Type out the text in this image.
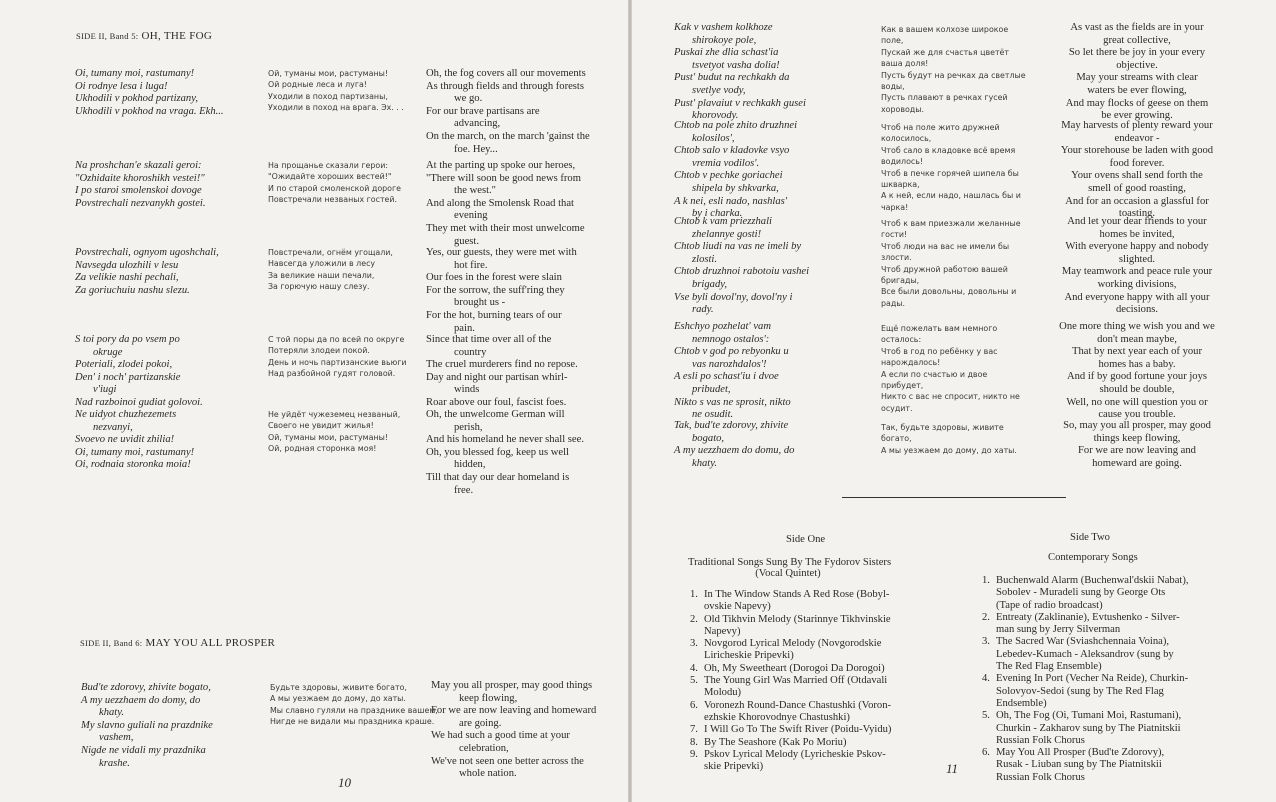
SIDE II, Band 5: OH, THE FOG
Oi, tumany moi, rastumany!
Oi rodnye lesa i luga!
Ukhodili v pokhod partizany,
Ukhodili v pokhod na vraga. Ekh...
Ой, туманы мои, растуманы!
Ой родные леса и луга!
Уходили в поход партизаны,
Уходили в поход на врага. Эх. . .
Oh, the fog covers all our movements
As through fields and through forests
we go.
For our brave partisans are
advancing,
On the march, on the march 'gainst the
foe. Hey...
Na proshchan'e skazali geroi:
"Ozhidaite khoroshikh vestei!"
I po staroi smolenskoi dovoge
Povstrechali nezvanykh gostei.
На прощанье сказали герои:
"Ожидайте хороших вестей!"
И по старой смоленской дороге
Повстречали незваных гостей.
At the parting up spoke our heroes,
"There will soon be good news from
the west."
And along the Smolensk Road that
evening
They met with their most unwelcome
guest.
Povstrechali, ognyom ugoshchali,
Navsegda ulozhili v lesu
Za velikie nashi pechali,
Za goriuchuiu nashu slezu.
Повстречали, огнём угощали,
Навсегда уложили в лесу
За великие наши печали,
За горючую нашу слезу.
Yes, our guests, they were met with
hot fire.
Our foes in the forest were slain
For the sorrow, the suff'ring they
brought us -
For the hot, burning tears of our
pain.
S toi pory da po vsem po
okruge
Poteriali, zlodei pokoi,
Den' i noch' partizanskie
v'iugi
Nad razboinoi gudiat golovoi.
С той поры да по всей по округе
Потеряли злодеи покой.
День и ночь партизанские вьюги
Над разбойной гудят головой.
Since that time over all of the
country
The cruel murderers find no repose.
Day and night our partisan whirl-
winds
Roar above our foul, fascist foes.
Ne uidyot chuzhezemets
nezvanyi,
Svoevo ne uvidit zhilia!
Oi, tumany moi, rastumany!
Oi, rodnaia storonka moia!
Не уйдёт чужеземец незваный,
Своего не увидит жилья!
Ой, туманы мои, растуманы!
Ой, родная сторонка моя!
Oh, the unwelcome German will
perish,
And his homeland he never shall see.
Oh, you blessed fog, keep us well
hidden,
Till that day our dear homeland is
free.
SIDE II, Band 6: MAY YOU ALL PROSPER
Bud'te zdorovy, zhivite bogato,
A my uezzhaem do domy, do
khaty.
My slavno guliali na prazdnike
vashem,
Nigde ne vidali my prazdnika
krashe.
Будьте здоровы, живите богато,
А мы уезжаем до дому, до хаты.
Мы славно гуляли на празднике вашем,
Нигде не видали мы праздника краше.
May you all prosper, may good things
keep flowing,
For we are now leaving and homeward
are going.
We had such a good time at your
celebration,
We've not seen one better across the
whole nation.
10
Kak v vashem kolkhoze
shirokoye pole,
Puskai zhe dlia schast'ia
tsvetyot vasha dolia!
Pust' budut na rechkakh da
svetlye vody,
Pust' plavaiut v rechkakh gusei
khorovody.
Как в вашем колхозе широкое
поле,
Пускай же для счастья цветёт
ваша доля!
Пусть будут на речках да светлые
воды,
Пусть плавают в речках гусей
хороводы.
As vast as the fields are in your
great collective,
So let there be joy in your every
objective.
May your streams with clear
waters be ever flowing,
And may flocks of geese on them
be ever growing.
Chtob na pole zhito druzhnei
kolosilos',
Chtob salo v kladovke vsyo
vremia vodilos'.
Chtob v pechke goriachei
shipela by shkvarka,
A k nei, esli nado, nashlas'
by i charka.
Чтоб на поле жито дружней
колосилось,
Чтоб сало в кладовке всё время
водилось!
Чтоб в печке горячей шипела бы
шкварка,
А к ней, если надо, нашлась бы и
чарка!
May harvests of plenty reward your
endeavor -
Your storehouse be laden with good
food forever.
Your ovens shall send forth the
smell of good roasting,
And for an occasion a glassful for
toasting.
Chtob k vam priezzhali
zhelannye gosti!
Chtob liudi na vas ne imeli by
zlosti.
Chtob druzhnoi rabotoiu vashei
brigady,
Vse byli dovol'ny, dovol'ny i
rady.
Чтоб к вам приезжали желанные
гости!
Чтоб люди на вас не имели бы
злости.
Чтоб дружной работою вашей
бригады,
Все были довольны, довольны и
рады.
And let your dear friends to your
homes be invited,
With everyone happy and nobody
slighted.
May teamwork and peace rule your
working divisions,
And everyone happy with all your
decisions.
Eshchyo pozhelat' vam
nemnogo ostalos':
Chtob v god po rebyonku u
vas narozhdalos'!
A esli po schast'iu i dvoe
pribudet,
Nikto s vas ne sprosit, nikto
ne osudit.
Ещё пожелать вам немного
осталось:
Чтоб в год по ребёнку у вас
нарождалось!
А если по счастью и двое
прибудет,
Никто с вас не спросит, никто не
осудит.
One more thing we wish you and we
don't mean maybe,
That by next year each of your
homes has a baby.
And if by good fortune your joys
should be double,
Well, no one will question you or
cause you trouble.
Tak, bud'te zdorovy, zhivite
bogato,
A my uezzhaem do domu, do
khaty.
Так, будьте здоровы, живите
богато,
А мы уезжаем до дому, до хаты.
So, may you all prosper, may good
things keep flowing,
For we are now leaving and
homeward are going.
Side One
Traditional Songs Sung By The Fydorov Sisters
(Vocal Quintet)
1. In The Window Stands A Red Rose (Bobyl-
ovskie Napevy)
2. Old Tikhvin Melody (Starinnye Tikhvinskie
Napevy)
3. Novgorod Lyrical Melody (Novgorodskie
Liricheskie Pripevki)
4. Oh, My Sweetheart (Dorogoi Da Dorogoi)
5. The Young Girl Was Married Off (Otdavali
Molodu)
6. Voronezh Round-Dance Chastushki (Voron-
ezhskie Khorovodnye Chastushki)
7. I Will Go To The Swift River (Poidu-Vyidu)
8. By The Seashore (Kak Po Moriu)
9. Pskov Lyrical Melody (Lyricheskie Pskov-
skie Pripevki)
Side Two
Contemporary Songs
1. Buchenwald Alarm (Buchenwal'dskii Nabat),
Sobolev - Muradeli sung by George Ots
(Tape of radio broadcast)
2. Entreaty (Zaklinanie), Evtushenko - Silver-
man sung by Jerry Silverman
3. The Sacred War (Sviashchennaia Voina),
Lebedev-Kumach - Aleksandrov (sung by
The Red Flag Ensemble)
4. Evening In Port (Vecher Na Reide), Churkin-
Solovyov-Sedoi (sung by The Red Flag
Endsemble)
5. Oh, The Fog (Oi, Tumani Moi, Rastumani),
Churkin - Zakharov sung by The Piatnitskii
Russian Folk Chorus
6. May You All Prosper (Bud'te Zdorovy),
Rusak - Liuban sung by The Piatnitskii
Russian Folk Chorus
11
